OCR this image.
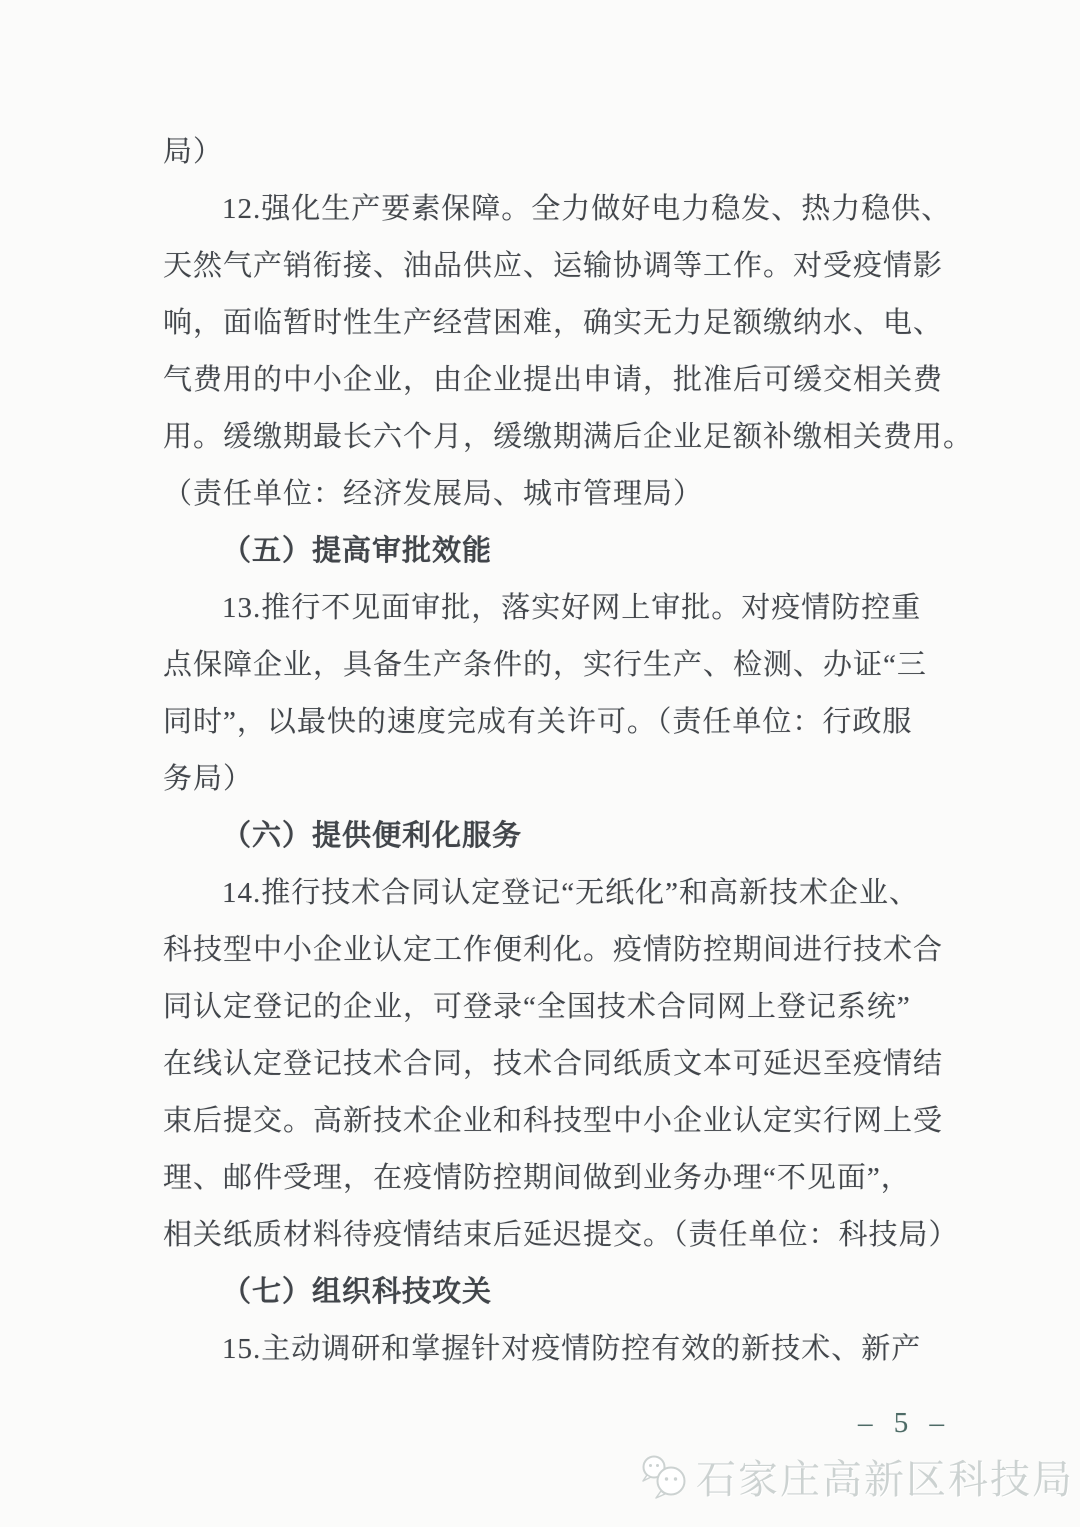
局）
12.强化生产要素保障。全力做好电力稳发、热力稳供、
天然气产销衔接、油品供应、运输协调等工作。对受疫情影
响，面临暂时性生产经营困难，确实无力足额缴纳水、电、
气费用的中小企业，由企业提出申请，批准后可缓交相关费
用。缓缴期最长六个月，缓缴期满后企业足额补缴相关费用。
（责任单位：经济发展局、城市管理局）
（五）提高审批效能
13.推行不见面审批，落实好网上审批。对疫情防控重
点保障企业，具备生产条件的，实行生产、检测、办证“三
同时”，以最快的速度完成有关许可。（责任单位：行政服
务局）
（六）提供便利化服务
14.推行技术合同认定登记“无纸化”和高新技术企业、
科技型中小企业认定工作便利化。疫情防控期间进行技术合
同认定登记的企业，可登录“全国技术合同网上登记系统”
在线认定登记技术合同，技术合同纸质文本可延迟至疫情结
束后提交。高新技术企业和科技型中小企业认定实行网上受
理、邮件受理，在疫情防控期间做到业务办理“不见面”，
相关纸质材料待疫情结束后延迟提交。（责任单位：科技局）
（七）组织科技攻关
15.主动调研和掌握针对疫情防控有效的新技术、新产
– 5 –
石家庄高新区科技局
